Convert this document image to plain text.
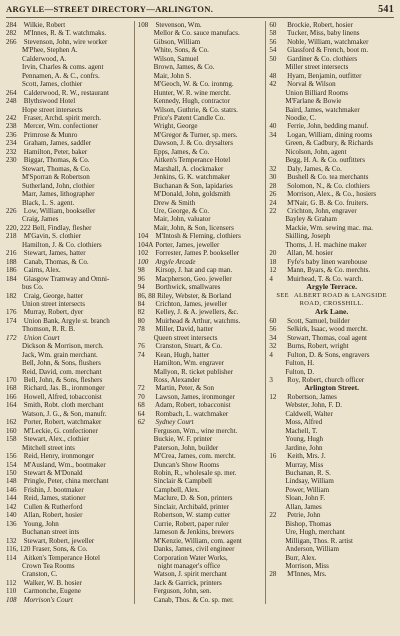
ARGYLE—STREET DIRECTORY—ARLINGTON.	541
284 Wilkie, Robert
282 M'Innes, R. & T. watchmaks.
266 Stevenson, John, wire worker
M'Phee, Stephen A.
Calderwood, A.
Irvin, Charles & coms. agent
Pennamen, A. & C., confrs.
Scott, James, clothier
264 Calderwood, R. W., restaurant
248 Blythswood Hotel
Hope street intersects
242 Fraser, Archd. spirit merch.
238 Mercer, Wm. confectioner
236 Primrose & Munro
234 Graham, James, saddler
232 Hamilton, Peter, baker
230 Biggar, Thomas, & Co.
Stewart, Thomas, & Co.
M'Sporran & Robertson
Sutherland, John, clothier
Marr, James, lithographer
Black, L. S. agent.
226 Low, William, bookseller
Craig, James
220, 222 Bell, Findlay, flesher
218 M'Gavin, S. clothier
Hamilton, J. & Co. clothiers
216 Stewart, James, hatter
188 Canab, Thomas, & Co.
186 Cairns, Alex.
184 Glasgow Tramway and Omni-
bus Co.
182 Craig, George, hatter
Union street intersects
176 Murray, Robert, dyer
174 Union Bank, Argyle st. branch
Thomson, R. R. B.
172 Union Court
Dickson & Morrison, merch.
Jack, Wm. grain merchant.
Bell, John, & Sons, flushers
Reid, David, com. merchant
170 Bell, John, & Sons, fleshers
168 Richard, Jas. B., ironmonger
166 Howell, Alfred, tobacconist
164 Smith, Robt. cloth merchant
Watson, J. G., & Son, manufr.
162 Porter, Robert, watchmaker
160 M'Leckie, G. confectioner
158 Stewart, Alex., clothier
Mitchell street ints
156 Reid, Henry, ironmonger
154 M'Ausland, Wm., bootmaker
150 Stewart & M'Donald
148 Pringle, Peter, china merchant
146 Frishin, J. bootmaker
144 Reid, James, stationer
142 Cullen & Rutherford
140 Allan, Robert, hosier
136 Young, John
Buchanan street ints
132 Stewart, Robert, jeweller
116, 120 Fraser, Sons, & Co.
114 Aitken's Temperance Hotel
Crown Tea Rooms
Cranston, C.
112 Walker, W. B. hosier
110 Carmonche, Eugene
108 Morrison's Court
108 Stevenson, Wm.
Mellor & Co. sauce manufacs.
Gibson, William
White, Sons, & Co.
Wilson, Samuel
Brown, James, & Co.
Mair, John S.
M'Geoch, W. & Co. ironmg.
Hunter, W. R. wine mercht.
Kennedy, Hugh, contractor
Wilson, Guthrie, & Co. statrs.
Price's Patent Candle Co.
Wright, George
M'Gregor & Turner, sp. mers.
Dawson, J. & Co. drysalters
Epps, James, & Co.
Aitken's Temperance Hotel
Marshall, A. clockmaker
Jenkins, G. K. watchmaker
Buchanan & Son, lapidaries
M'Donald, John, goldsmith
Drew & Smith
Ure, George, & Co.
Mair, John, valuator
Mair, John, & Son, licensers
104 M'Intosh & Fleming, clothiers
104A Porter, James, jeweller
102 Forrester, James P. bookseller
100 Argyle Arcade
98 Kirsop, J. hat and cap man.
96 Macpherson, Geo. jeweller
94 Borthwick, smallwares
86, 88 Riley, Webster, & Borland
84 Crichton, James, jeweller
82 Kelley, J. & A. jewellers, &c.
80 Muirhead & Arthur, watchms.
78 Miller, David, hatter
Queen street intersects
76 Cranston, Stuart, & Co.
74 Kean, Hugh, hatter
Hamilton, Wm. engraver
Mallyon, R. ticket publisher
Ross, Alexander
72 Martin, Peter, & Son
70 Lawson, James, ironmonger
68 Adam, Robert, tobacconist
64 Rombach, L. watchmaker
62 Sydney Court
Ferguson, Wm., wine mercht.
Buckie, W. F. printer
Paterson, John, builder
M'Crea, James, com. mercht.
Duncan's Show Rooms
Robin, R., wholesale sp. mer.
Sinclair & Campbell
Campbell, Alex.
Maclure, D. & Son, printers
Sinclair, Archibald, printer
Robertson, W. stamp cutter
Currie, Robert, paper ruler
Jameson & Jenkins, brewers
M'Kenzie, William, com. agent
Danks, James, civil engineer
Corporation Water Works,
night manager's office
Watson, J. spirit merchant
Jack & Garrick, printers
Ferguson, John, sen.
Canab, Thos. & Co. sp. mer.
60 Brockie, Robert, hosier
58 Tucker, Miss, baby linens
56 Noble, William, watchmaker
54 Glassford & French, boot m.
50 Gardiner & Co. clothiers
Miller street intersects
48 Hyam, Benjamin, outfitter
42 Norval & Wilson
Union Billiard Rooms
M'Farlane & Bowie
Baird, James, watchmaker
Noodie, C.
40 Ferrie, John, bedding manuf.
34 Logan, William, dining rooms
Green, & Cadbury, & Richards
Nicolson, John, agent
Begg, H. A. & Co. outfitters
32 Daly, James, & Co.
30 Bushell & Co. tea merchants
28 Solomon, N., & Co. clothiers
26 Morrison, Alex., & Co., hosiers
24 M'Nair, G. B. & Co. fruiters.
22 Crichton, John, engraver
Bayley & Graham
Mackie, Wm. sewing mac. ma.
Skilling, Joseph
Thoms, J. H. machine maker
20 Allan, M. hosier
18 Fyfe's baby linen warehouse
12 Mann, Byars, & Co. merchts.
4 Muirhead, T. & Co. warch.
Argyle Terrace.
SEE ALBERT ROAD & LANGSIDE
ROAD, CROSSHILL.
Ark Lane.
60 Scott, Samuel, builder
56 Selkirk, Isaac, wood mercht.
34 Stewart, Thomas, coal agent
32 Burns, Robert, wright
4 Fulton, D. & Sons, engravers
Fulton, H.
Fulton, D.
3 Roy, Robert, church officer
Arlington Street.
12 Robertson, James
Webster, John, F. D.
Caldwell, Walter
Moss, Alfred
Machell, T.
Young, Hugh
Jardine, John
16 Keith, Mrs. J.
Murray, Miss
Buchanan, R. S.
Lindsay, William
Power, William
Sloan, John F.
Allan, James
22 Petrie, John
Bishop, Thomas
Ure, Hugh, merchant
Milligan, Thos. R. artist
Anderson, William
Burr, Alex.
Morrison, Miss
28 M'Innes, Mrs.
